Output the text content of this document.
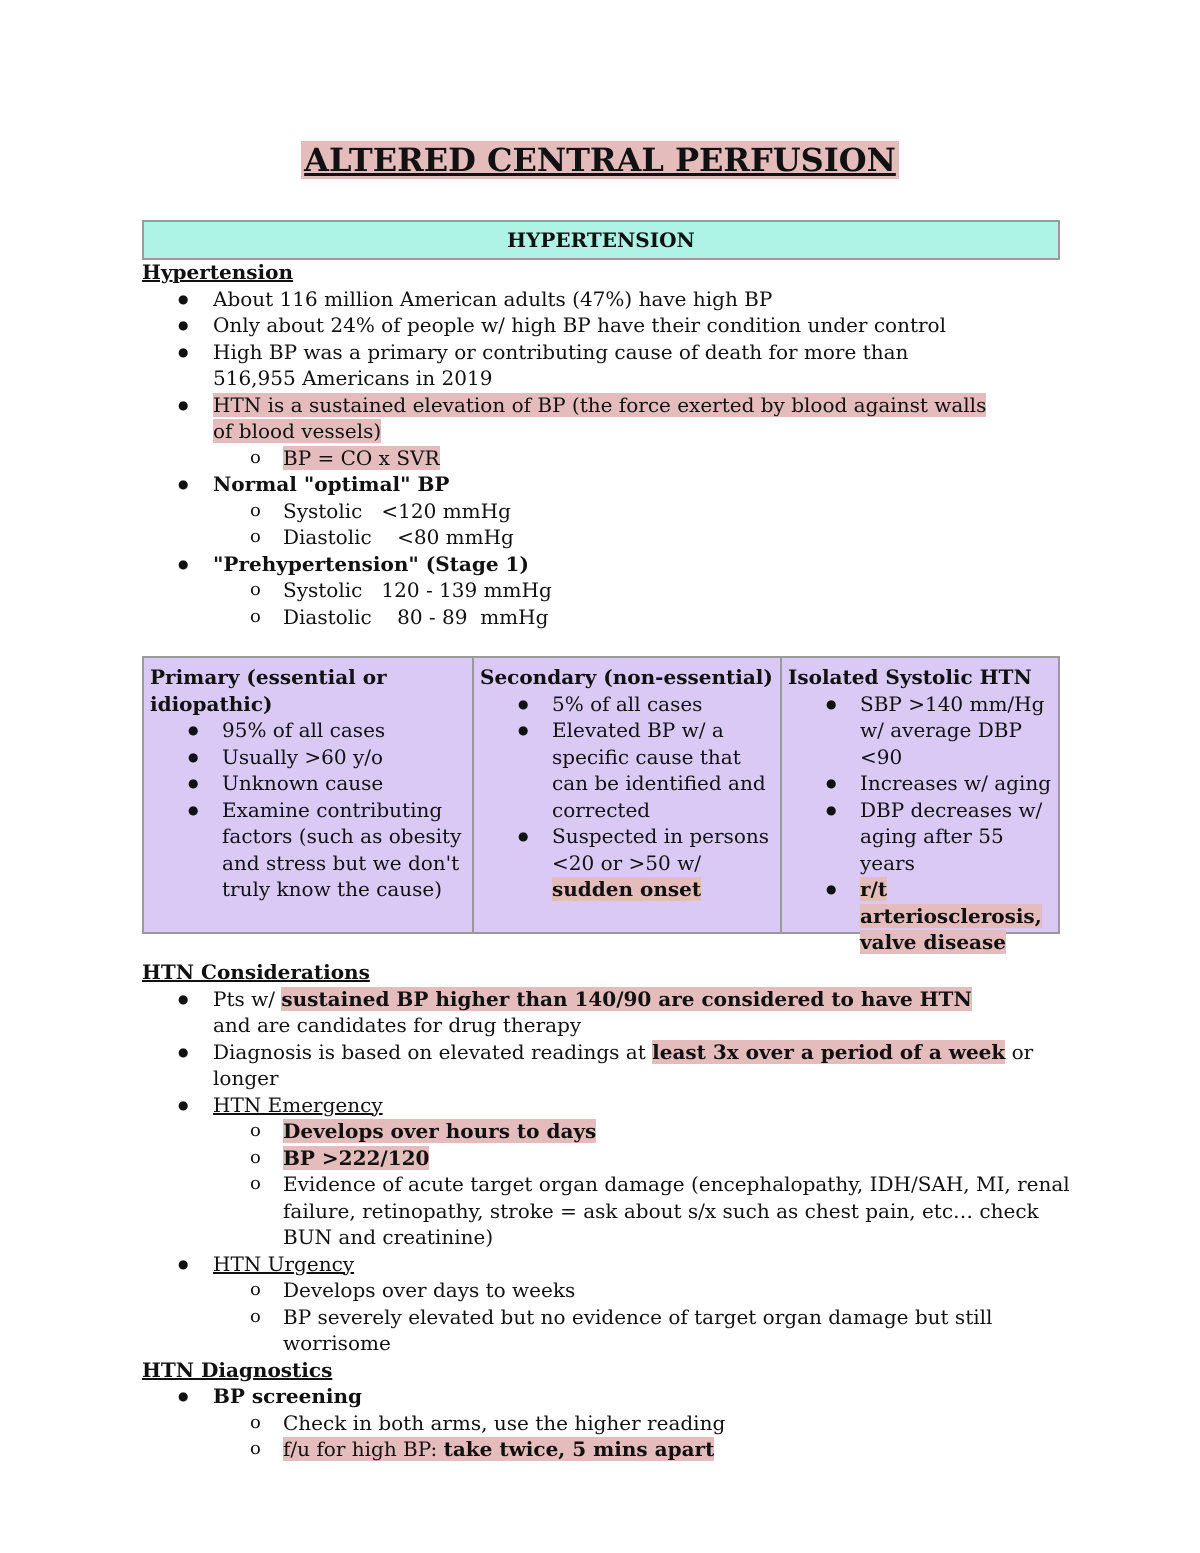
ALTERED CENTRAL PERFUSION
HYPERTENSION
Hypertension
● About 116 million American adults (47%) have high BP
● Only about 24% of people w/ high BP have their condition under control
● High BP was a primary or contributing cause of death for more than 516,955 Americans in 2019
● HTN is a sustained elevation of BP (the force exerted by blood against walls of blood vessels)
o BP = CO x SVR
● Normal "optimal" BP
o Systolic   <120 mmHg
o Diastolic    <80 mmHg
● "Prehypertension" (Stage 1)
o Systolic   120 - 139 mmHg
o Diastolic    80 - 89  mmHg
Primary (essential or idiopathic)
● 95% of all cases
● Usually >60 y/o
● Unknown cause
● Examine contributing factors (such as obesity and stress but we don't truly know the cause)
Secondary (non-essential)
● 5% of all cases
● Elevated BP w/ a specific cause that can be identified and corrected
● Suspected in persons <20 or >50 w/ sudden onset
Isolated Systolic HTN
● SBP >140 mm/Hg w/ average DBP <90
● Increases w/ aging
● DBP decreases w/ aging after 55 years
● r/t arteriosclerosis, valve disease
HTN Considerations
● Pts w/ sustained BP higher than 140/90 are considered to have HTN and are candidates for drug therapy
● Diagnosis is based on elevated readings at least 3x over a period of a week or longer
● HTN Emergency
o Develops over hours to days
o BP >222/120
o Evidence of acute target organ damage (encephalopathy, IDH/SAH, MI, renal failure, retinopathy, stroke = ask about s/x such as chest pain, etc… check BUN and creatinine)
● HTN Urgency
o Develops over days to weeks
o BP severely elevated but no evidence of target organ damage but still worrisome
HTN Diagnostics
● BP screening
o Check in both arms, use the higher reading
o f/u for high BP: take twice, 5 mins apart
